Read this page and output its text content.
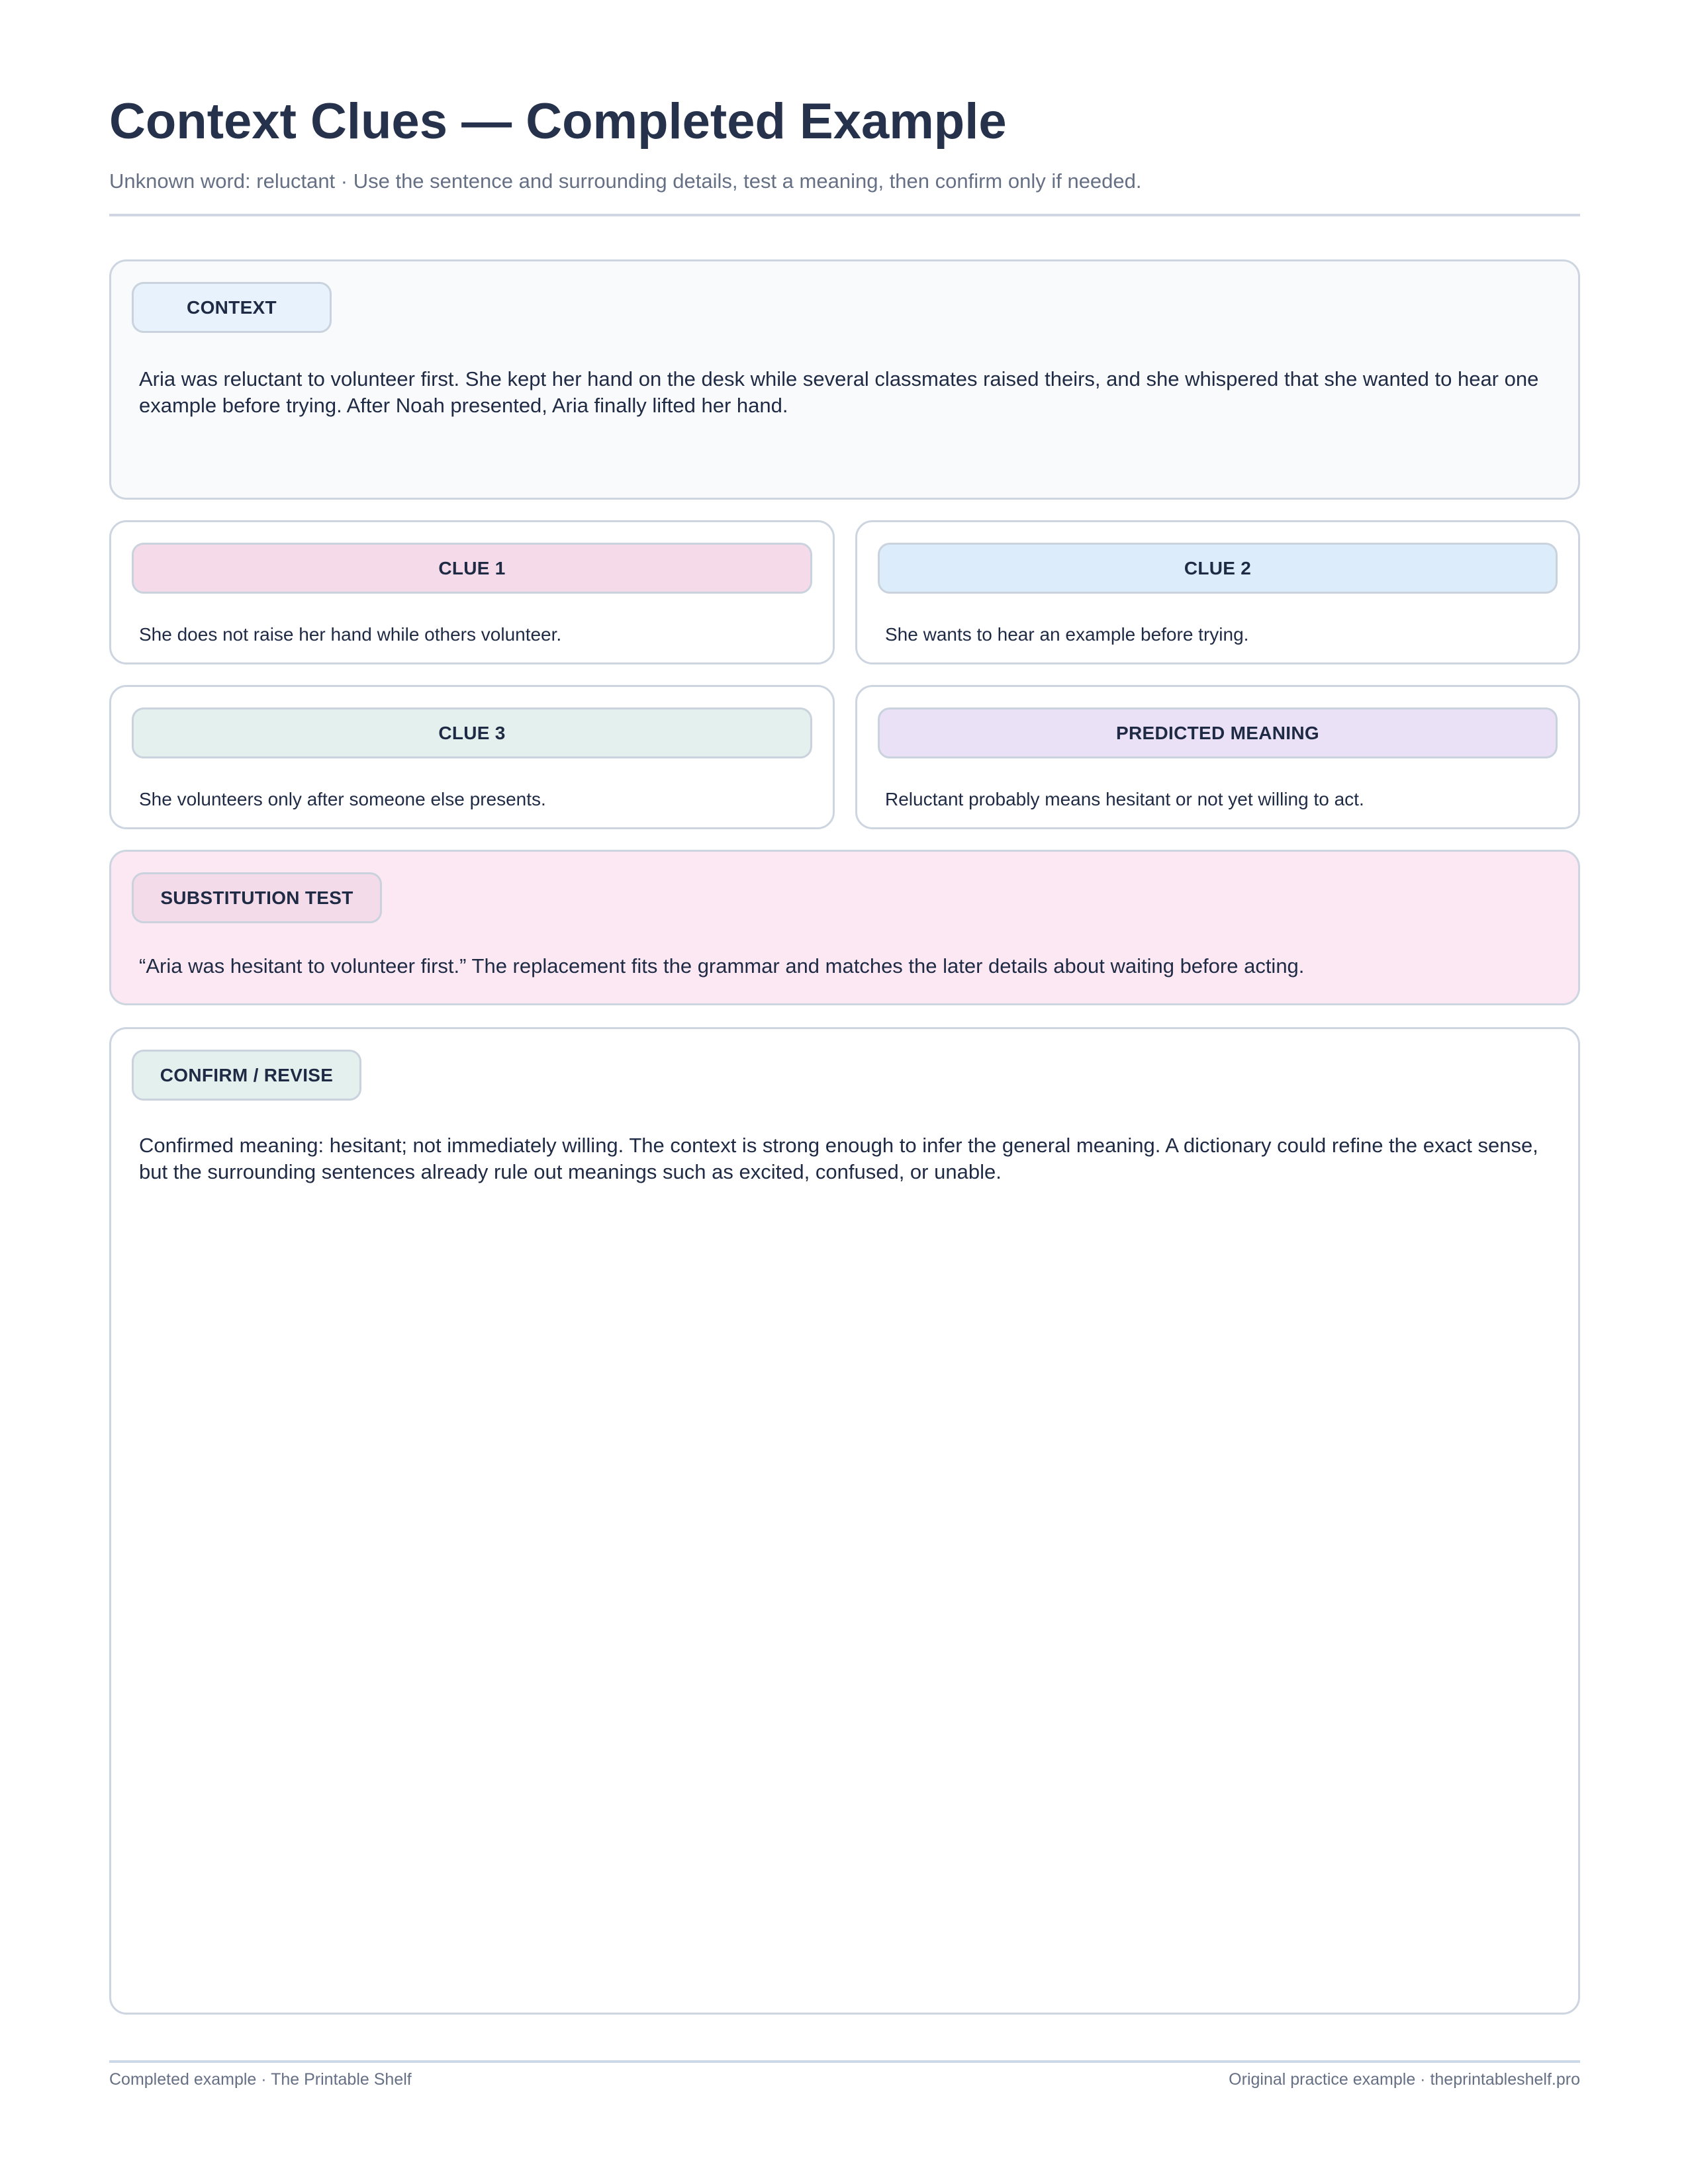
Context Clues — Completed Example
Unknown word: reluctant · Use the sentence and surrounding details, test a meaning, then confirm only if needed.
CONTEXT
Aria was reluctant to volunteer first. She kept her hand on the desk while several classmates raised theirs, and she whispered that she wanted to hear one example before trying. After Noah presented, Aria finally lifted her hand.
CLUE 1
She does not raise her hand while others volunteer.
CLUE 2
She wants to hear an example before trying.
CLUE 3
She volunteers only after someone else presents.
PREDICTED MEANING
Reluctant probably means hesitant or not yet willing to act.
SUBSTITUTION TEST
“Aria was hesitant to volunteer first.” The replacement fits the grammar and matches the later details about waiting before acting.
CONFIRM / REVISE
Confirmed meaning: hesitant; not immediately willing. The context is strong enough to infer the general meaning. A dictionary could refine the exact sense, but the surrounding sentences already rule out meanings such as excited, confused, or unable.
Completed example · The Printable Shelf	Original practice example · theprintableshelf.pro
